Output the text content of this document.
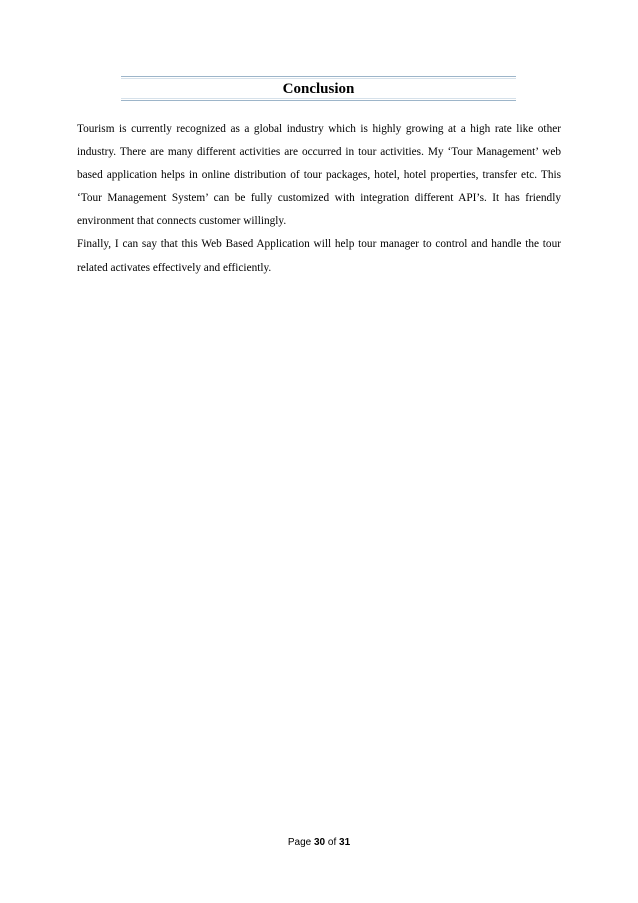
Conclusion

Tourism is currently recognized as a global industry which is highly growing at a high rate like other industry. There are many different activities are occurred in tour activities. My ‘Tour Management’ web based application helps in online distribution of tour packages, hotel, hotel properties, transfer etc. This ‘Tour Management System’ can be fully customized with integration different API’s. It has friendly environment that connects customer willingly.

Finally, I can say that this Web Based Application will help tour manager to control and handle the tour related activates effectively and efficiently.

Page 30 of 31
